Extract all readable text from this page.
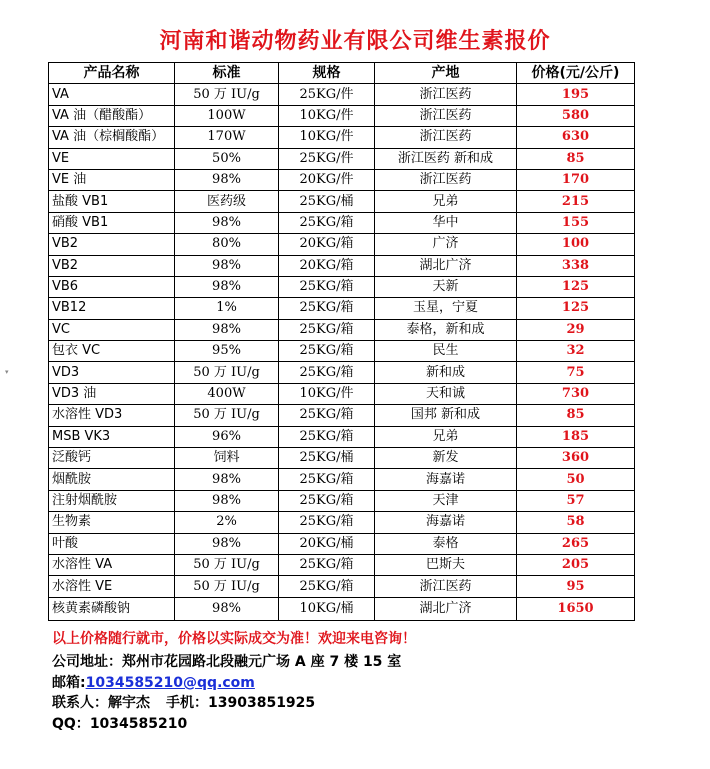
河南和谐动物药业有限公司维生素报价
▾
产品名称	标准	规格	产地	价格(元/公斤)
VA	50 万 IU/g	25KG/件	浙江医药	195
VA 油（醋酸酯）	100W	10KG/件	浙江医药	580
VA 油（棕榈酸酯）	170W	10KG/件	浙江医药	630
VE	50%	25KG/件	浙江医药 新和成	85
VE 油	98%	20KG/件	浙江医药	170
盐酸 VB1	医药级	25KG/桶	兄弟	215
硝酸 VB1	98%	25KG/箱	华中	155
VB2	80%	20KG/箱	广济	100
VB2	98%	20KG/箱	湖北广济	338
VB6	98%	25KG/箱	天新	125
VB12	1%	25KG/箱	玉星，宁夏	125
VC	98%	25KG/箱	泰格，新和成	29
包衣 VC	95%	25KG/箱	民生	32
VD3	50 万 IU/g	25KG/箱	新和成	75
VD3 油	400W	10KG/件	天和诚	730
水溶性 VD3	50 万 IU/g	25KG/箱	国邦 新和成	85
MSB VK3	96%	25KG/箱	兄弟	185
泛酸钙	饲料	25KG/桶	新发	360
烟酰胺	98%	25KG/箱	海嘉诺	50
注射烟酰胺	98%	25KG/箱	天津	57
生物素	2%	25KG/箱	海嘉诺	58
叶酸	98%	20KG/桶	泰格	265
水溶性 VA	50 万 IU/g	25KG/箱	巴斯夫	205
水溶性 VE	50 万 IU/g	25KG/箱	浙江医药	95
核黄素磷酸钠	98%	10KG/桶	湖北广济	1650
以上价格随行就市，价格以实际成交为准！欢迎来电咨询！
公司地址：郑州市花园路北段融元广场 A 座 7 楼 15 室
邮箱:1034585210@qq.com
联系人：解宇杰 手机：13903851925
QQ：1034585210
